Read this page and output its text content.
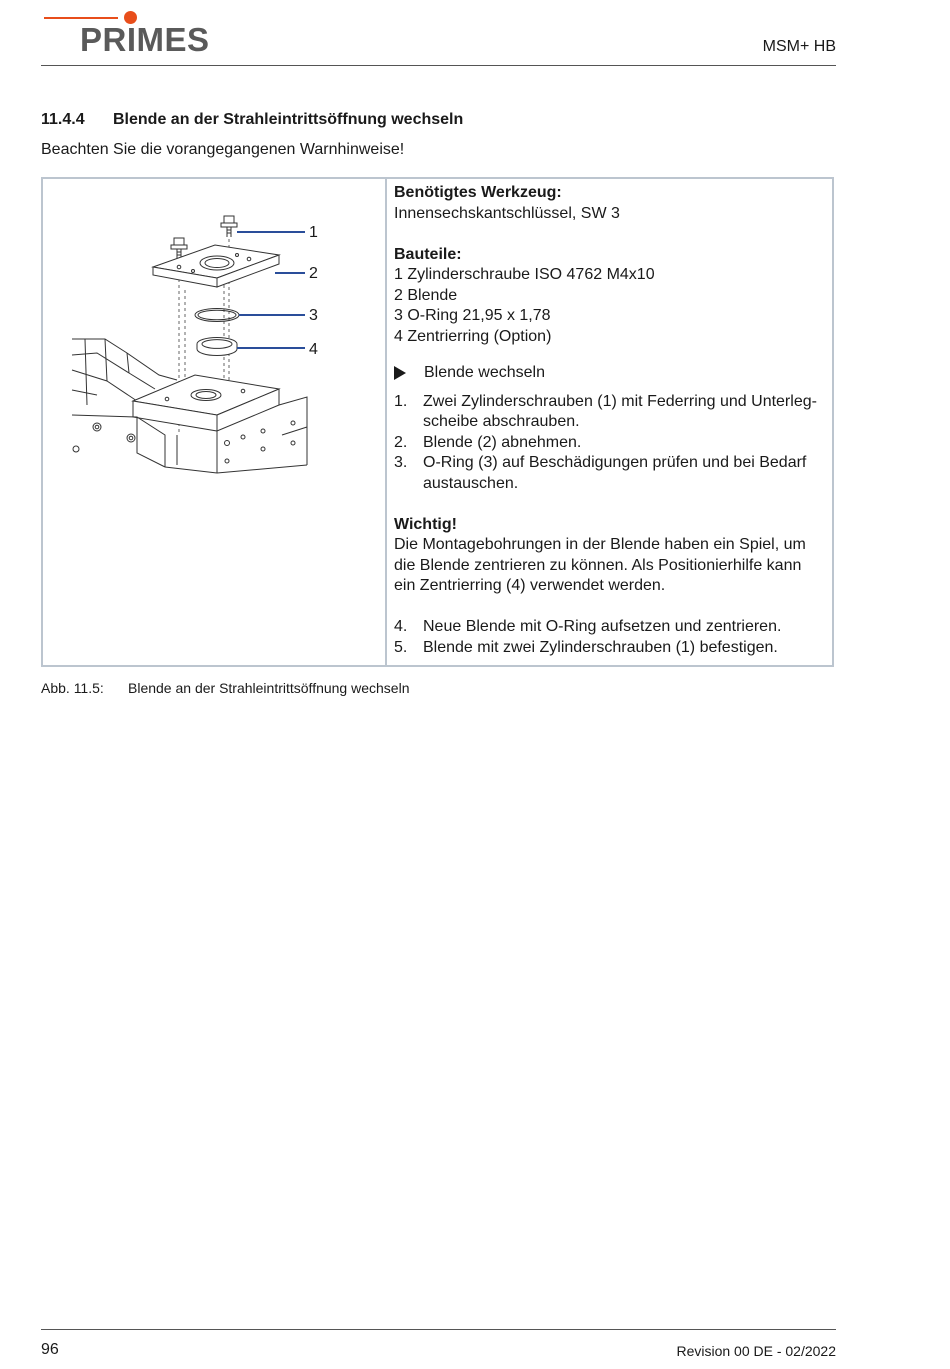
PRIMES	MSM+ HB
11.4.4 Blende an der Strahleintrittsöffnung wechseln
Beachten Sie die vorangegangenen Warnhinweise!
1
2
3
4
Benötigtes Werkzeug:
Innensechskantschlüssel, SW 3
Bauteile:
1 Zylinderschraube ISO 4762 M4x10
2 Blende
3 O-Ring 21,95 x 1,78
4 Zentrierring (Option)
Blende wechseln
1. Zwei Zylinderschrauben (1) mit Federring und Unterleg- scheibe abschrauben.
2. Blende (2) abnehmen.
3. O-Ring (3) auf Beschädigungen prüfen und bei Bedarf austauschen.
Wichtig!
Die Montagebohrungen in der Blende haben ein Spiel, um die Blende zentrieren zu können. Als Positionierhilfe kann ein Zentrierring (4) verwendet werden.
4. Neue Blende mit O-Ring aufsetzen und zentrieren.
5. Blende mit zwei Zylinderschrauben (1) befestigen.
Abb. 11.5: Blende an der Strahleintrittsöffnung wechseln
96	Revision 00 DE - 02/2022
